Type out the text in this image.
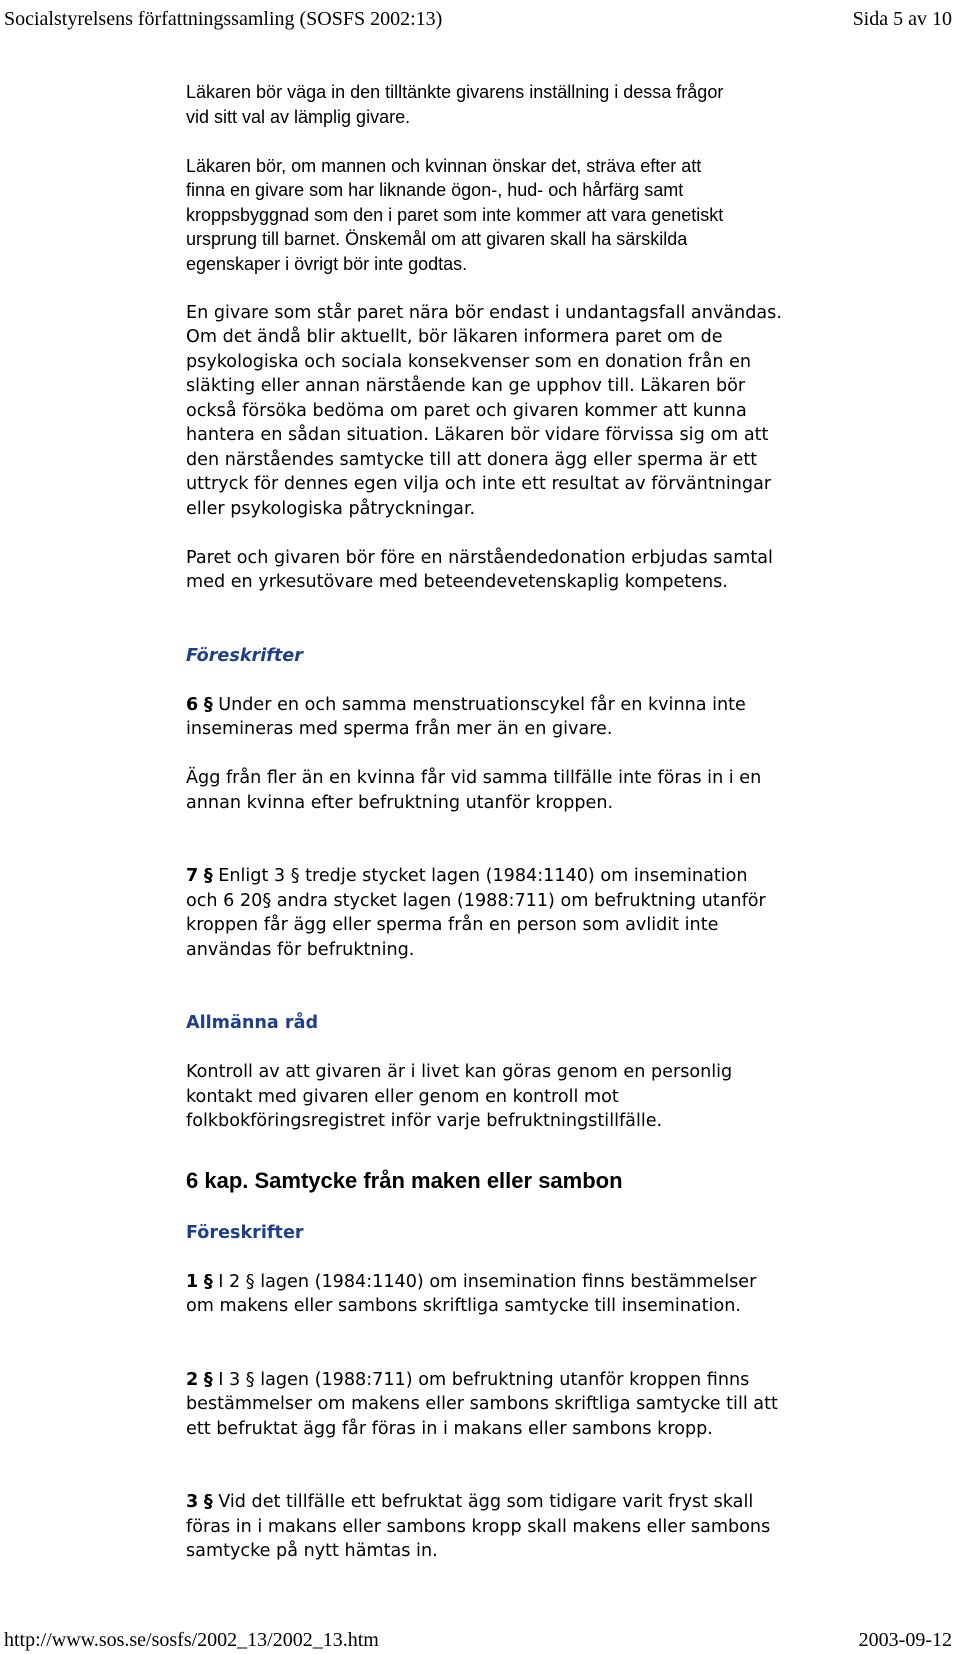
Socialstyrelsens författningssamling (SOSFS 2002:13)	Sida 5 av 10

Läkaren bör väga in den tilltänkte givarens inställning i dessa frågor
vid sitt val av lämplig givare.

Läkaren bör, om mannen och kvinnan önskar det, sträva efter att
finna en givare som har liknande ögon-, hud- och hårfärg samt
kroppsbyggnad som den i paret som inte kommer att vara genetiskt
ursprung till barnet. Önskemål om att givaren skall ha särskilda
egenskaper i övrigt bör inte godtas.

En givare som står paret nära bör endast i undantagsfall användas.
Om det ändå blir aktuellt, bör läkaren informera paret om de
psykologiska och sociala konsekvenser som en donation från en
släkting eller annan närstående kan ge upphov till. Läkaren bör
också försöka bedöma om paret och givaren kommer att kunna
hantera en sådan situation. Läkaren bör vidare förvissa sig om att
den närståendes samtycke till att donera ägg eller sperma är ett
uttryck för dennes egen vilja och inte ett resultat av förväntningar
eller psykologiska påtryckningar.

Paret och givaren bör före en närståendedonation erbjudas samtal
med en yrkesutövare med beteendevetenskaplig kompetens.

Föreskrifter

6 § Under en och samma menstruationscykel får en kvinna inte
insemineras med sperma från mer än en givare.

Ägg från fler än en kvinna får vid samma tillfälle inte föras in i en
annan kvinna efter befruktning utanför kroppen.

7 § Enligt 3 § tredje stycket lagen (1984:1140) om insemination
och 6 20§ andra stycket lagen (1988:711) om befruktning utanför
kroppen får ägg eller sperma från en person som avlidit inte
användas för befruktning.

Allmänna råd

Kontroll av att givaren är i livet kan göras genom en personlig
kontakt med givaren eller genom en kontroll mot
folkbokföringsregistret inför varje befruktningstillfälle.

6 kap. Samtycke från maken eller sambon

Föreskrifter

1 § I 2 § lagen (1984:1140) om insemination finns bestämmelser
om makens eller sambons skriftliga samtycke till insemination.

2 § I 3 § lagen (1988:711) om befruktning utanför kroppen finns
bestämmelser om makens eller sambons skriftliga samtycke till att
ett befruktat ägg får föras in i makans eller sambons kropp.

3 § Vid det tillfälle ett befruktat ägg som tidigare varit fryst skall
föras in i makans eller sambons kropp skall makens eller sambons
samtycke på nytt hämtas in.

http://www.sos.se/sosfs/2002_13/2002_13.htm	2003-09-12
